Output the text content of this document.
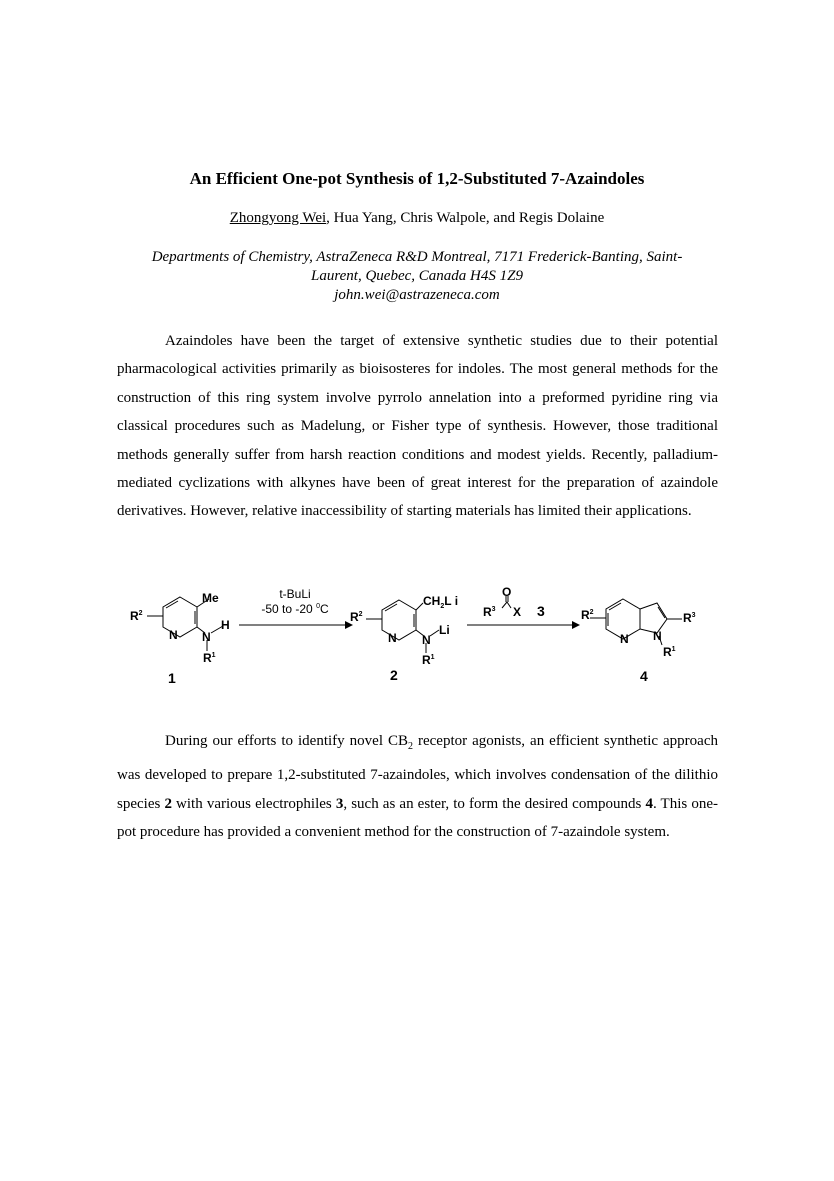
An Efficient One-pot Synthesis of 1,2-Substituted 7-Azaindoles

Zhongyong Wei, Hua Yang, Chris Walpole, and Regis Dolaine

Departments of Chemistry, AstraZeneca R&D Montreal, 7171 Frederick-Banting, Saint-
Laurent, Quebec, Canada H4S 1Z9
john.wei@astrazeneca.com

Azaindoles have been the target of extensive synthetic studies due to their potential pharmacological activities primarily as bioisosteres for indoles. The most general methods for the construction of this ring system involve pyrrolo annelation into a preformed pyridine ring via classical procedures such as Madelung, or Fisher type of synthesis. However, those traditional methods generally suffer from harsh reaction conditions and modest yields. Recently, palladium-mediated cyclizations with alkynes have been of great interest for the preparation of azaindole derivatives. However, relative inaccessibility of starting materials has limited their applications.

$R^2$
N N
H
Me
$R^1$
1
t-BuLi
-50 to -20 $^0$C
$R^2$
N N
Li
$CH_2L$ i
$R^1$
2
O
$R^3$ X 3	$R^2$
N N
$R^1$
$R^3$
4

During our efforts to identify novel $CB_2$ receptor agonists, an efficient synthetic approach was developed to prepare 1,2-substituted 7-azaindoles, which involves condensation of the dilithio species 2 with various electrophiles 3, such as an ester, to form the desired compounds 4. This one-pot procedure has provided a convenient method for the construction of 7-azaindole system.
